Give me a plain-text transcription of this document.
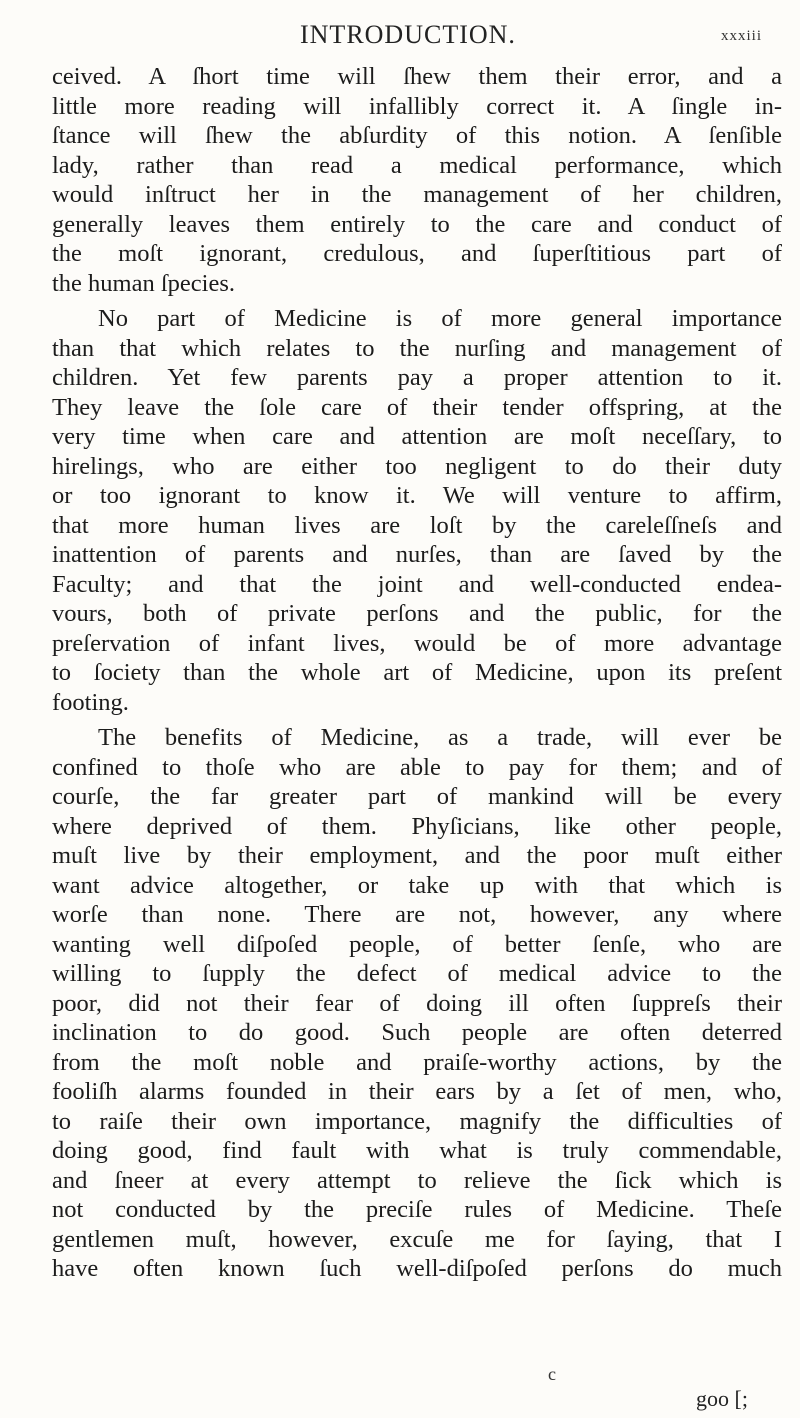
INTRODUCTION.	xxxiii
ceived. A ſhort time will ſhew them their error, and a
little more reading will infallibly correct it. A ſingle in-
ſtance will ſhew the abſurdity of this notion. A ſenſible
lady, rather than read a medical performance, which
would inſtruct her in the management of her children,
generally leaves them entirely to the care and conduct of
the moſt ignorant, credulous, and ſuperſtitious part of
the human ſpecies.
No part of Medicine is of more general importance
than that which relates to the nurſing and management of
children. Yet few parents pay a proper attention to it.
They leave the ſole care of their tender offspring, at the
very time when care and attention are moſt neceſſary, to
hirelings, who are either too negligent to do their duty
or too ignorant to know it. We will venture to affirm,
that more human lives are loſt by the careleſſneſs and
inattention of parents and nurſes, than are ſaved by the
Faculty; and that the joint and well-conducted endea-
vours, both of private perſons and the public, for the
preſervation of infant lives, would be of more advantage
to ſociety than the whole art of Medicine, upon its preſent
footing.
The benefits of Medicine, as a trade, will ever be
confined to thoſe who are able to pay for them; and of
courſe, the far greater part of mankind will be every
where deprived of them. Phyſicians, like other people,
muſt live by their employment, and the poor muſt either
want advice altogether, or take up with that which is
worſe than none. There are not, however, any where
wanting well diſpoſed people, of better ſenſe, who are
willing to ſupply the defect of medical advice to the
poor, did not their fear of doing ill often ſuppreſs their
inclination to do good. Such people are often deterred
from the moſt noble and praiſe-worthy actions, by the
fooliſh alarms founded in their ears by a ſet of men, who,
to raiſe their own importance, magnify the difficulties of
doing good, find fault with what is truly commendable,
and ſneer at every attempt to relieve the ſick which is
not conducted by the preciſe rules of Medicine. Theſe
gentlemen muſt, however, excuſe me for ſaying, that I
have often known ſuch well-diſpoſed perſons do much
c
goo [;
